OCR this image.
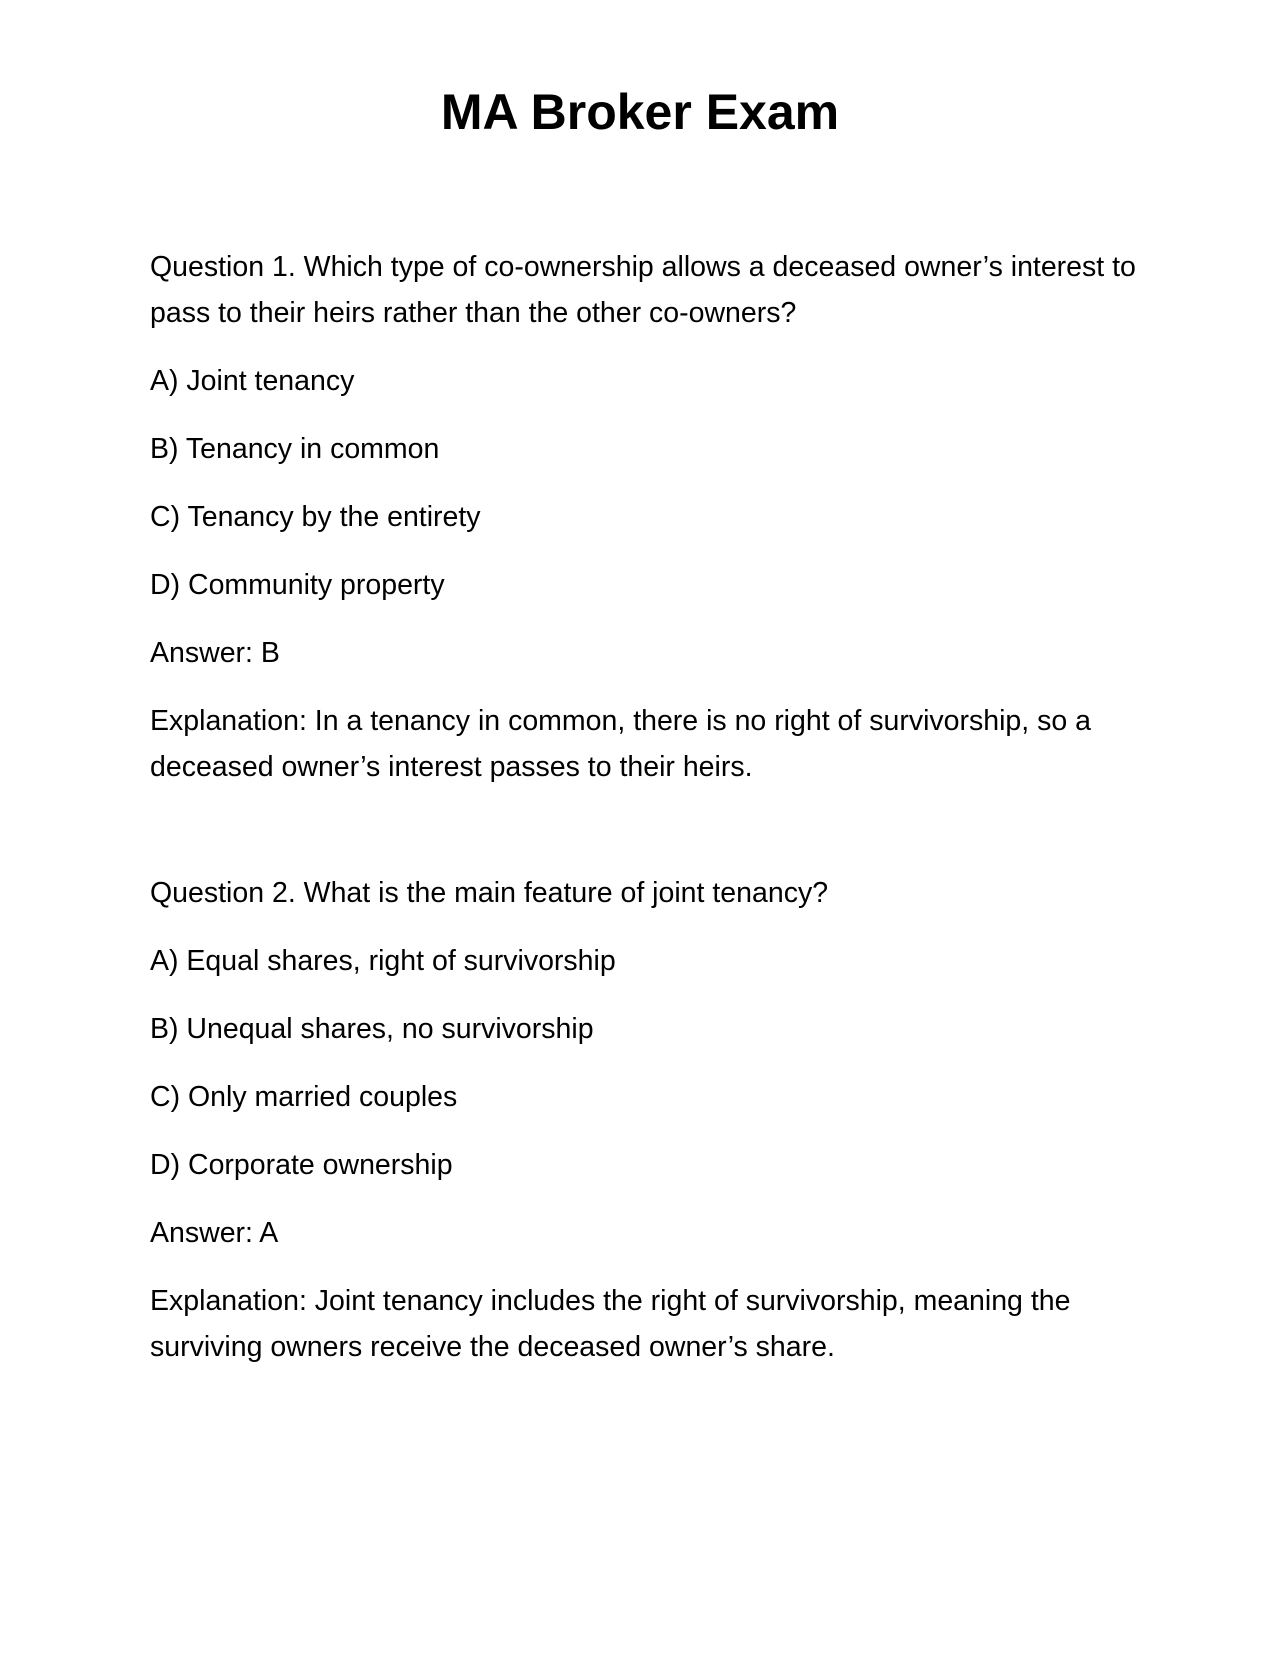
MA Broker Exam

Question 1. Which type of co-ownership allows a deceased owner’s interest to pass to their heirs rather than the other co-owners?

A) Joint tenancy

B) Tenancy in common

C) Tenancy by the entirety

D) Community property

Answer: B

Explanation: In a tenancy in common, there is no right of survivorship, so a deceased owner’s interest passes to their heirs.

Question 2. What is the main feature of joint tenancy?

A) Equal shares, right of survivorship

B) Unequal shares, no survivorship

C) Only married couples

D) Corporate ownership

Answer: A

Explanation: Joint tenancy includes the right of survivorship, meaning the surviving owners receive the deceased owner’s share.
